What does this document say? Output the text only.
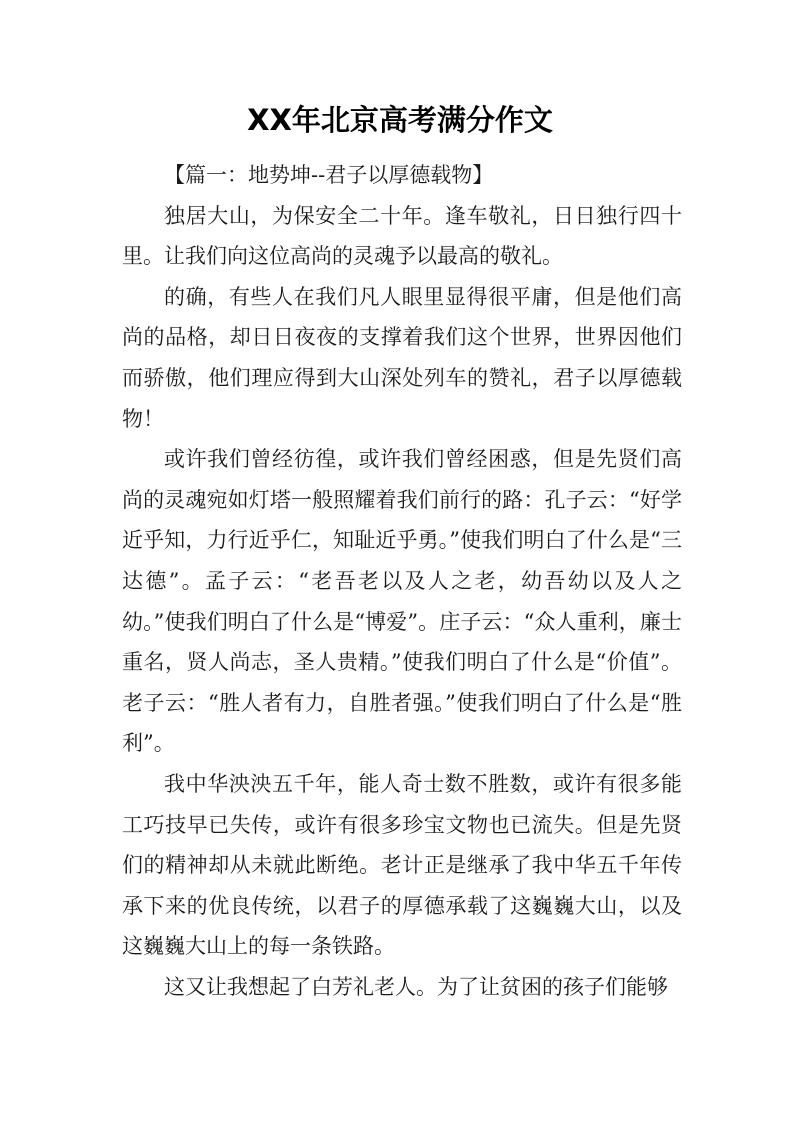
XX年北京高考满分作文

【篇一：地势坤--君子以厚德载物】

独居大山，为保安全二十年。逢车敬礼，日日独行四十里。让我们向这位高尚的灵魂予以最高的敬礼。

的确，有些人在我们凡人眼里显得很平庸，但是他们高尚的品格，却日日夜夜的支撑着我们这个世界，世界因他们而骄傲，他们理应得到大山深处列车的赞礼，君子以厚德载物！

或许我们曾经彷徨，或许我们曾经困惑，但是先贤们高尚的灵魂宛如灯塔一般照耀着我们前行的路：孔子云：“好学近乎知，力行近乎仁，知耻近乎勇。”使我们明白了什么是“三达德”。孟子云：“老吾老以及人之老，幼吾幼以及人之幼。”使我们明白了什么是“博爱”。庄子云：“众人重利，廉士重名，贤人尚志，圣人贵精。”使我们明白了什么是“价值”。老子云：“胜人者有力，自胜者强。”使我们明白了什么是“胜利”。

我中华泱泱五千年，能人奇士数不胜数，或许有很多能工巧技早已失传，或许有很多珍宝文物也已流失。但是先贤们的精神却从未就此断绝。老计正是继承了我中华五千年传承下来的优良传统，以君子的厚德承载了这巍巍大山，以及这巍巍大山上的每一条铁路。

这又让我想起了白芳礼老人。为了让贫困的孩子们能够
